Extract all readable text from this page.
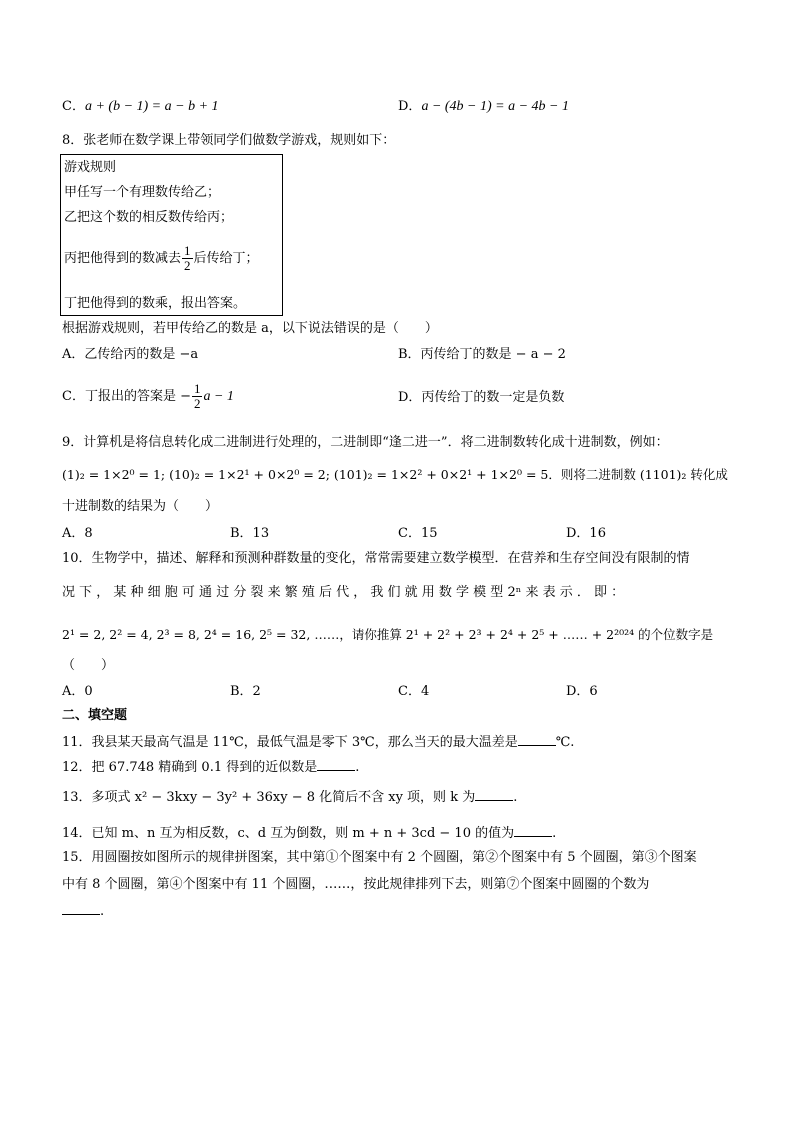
C．a + (b − 1) = a − b + 1	D．a − (4b − 1) = a − 4b − 1
8．张老师在数学课上带领同学们做数学游戏，规则如下：
游戏规则
甲任写一个有理数传给乙；
乙把这个数的相反数传给丙；
丙把他得到的数减去 $\frac{1}{2}$ 后传给丁；
丁把他得到的数乘，报出答案。
根据游戏规则，若甲传给乙的数是 a，以下说法错误的是（　　）
A．乙传给丙的数是 −a	B．丙传给丁的数是 − a − 2
C．丁报出的答案是 − $\frac{1}{2}$ a − 1	D．丙传给丁的数一定是负数
9．计算机是将信息转化成二进制进行处理的，二进制即“逢二进一”．将二进制数转化成十进制数，例如：
(1)₂ = 1×2⁰ = 1; (10)₂ = 1×2¹ + 0×2⁰ = 2; (101)₂ = 1×2² + 0×2¹ + 1×2⁰ = 5．则将二进制数 (1101)₂ 转化成
十进制数的结果为（　　）
A．8	B．13	C．15	D．16
10．生物学中，描述、解释和预测种群数量的变化，常常需要建立数学模型．在营养和生存空间没有限制的情
况 下 ， 某 种 细 胞 可 通 过 分 裂 来 繁 殖 后 代 ， 我 们 就 用 数 学 模 型 2ⁿ 来 表 示 ． 即 ：
2¹ = 2, 2² = 4, 2³ = 8, 2⁴ = 16, 2⁵ = 32, ……，请你推算 2¹ + 2² + 2³ + 2⁴ + 2⁵ + …… + 2²⁰²⁴ 的个位数字是
（　　）
A．0	B．2	C．4	D．6
二、填空题
11．我县某天最高气温是 11℃，最低气温是零下 3℃，那么当天的最大温差是	℃.
12．把 67.748 精确到 0.1 得到的近似数是	.
13．多项式 x² − 3kxy − 3y² + 36xy − 8 化简后不含 xy 项，则 k 为	.
14．已知 m、n 互为相反数，c、d 互为倒数，则 m + n + 3cd − 10 的值为	.
15．用圆圈按如图所示的规律拼图案，其中第①个图案中有 2 个圆圈，第②个图案中有 5 个圆圈，第③个图案
中有 8 个圆圈，第④个图案中有 11 个圆圈，……，按此规律排列下去，则第⑦个图案中圆圈的个数为
.
